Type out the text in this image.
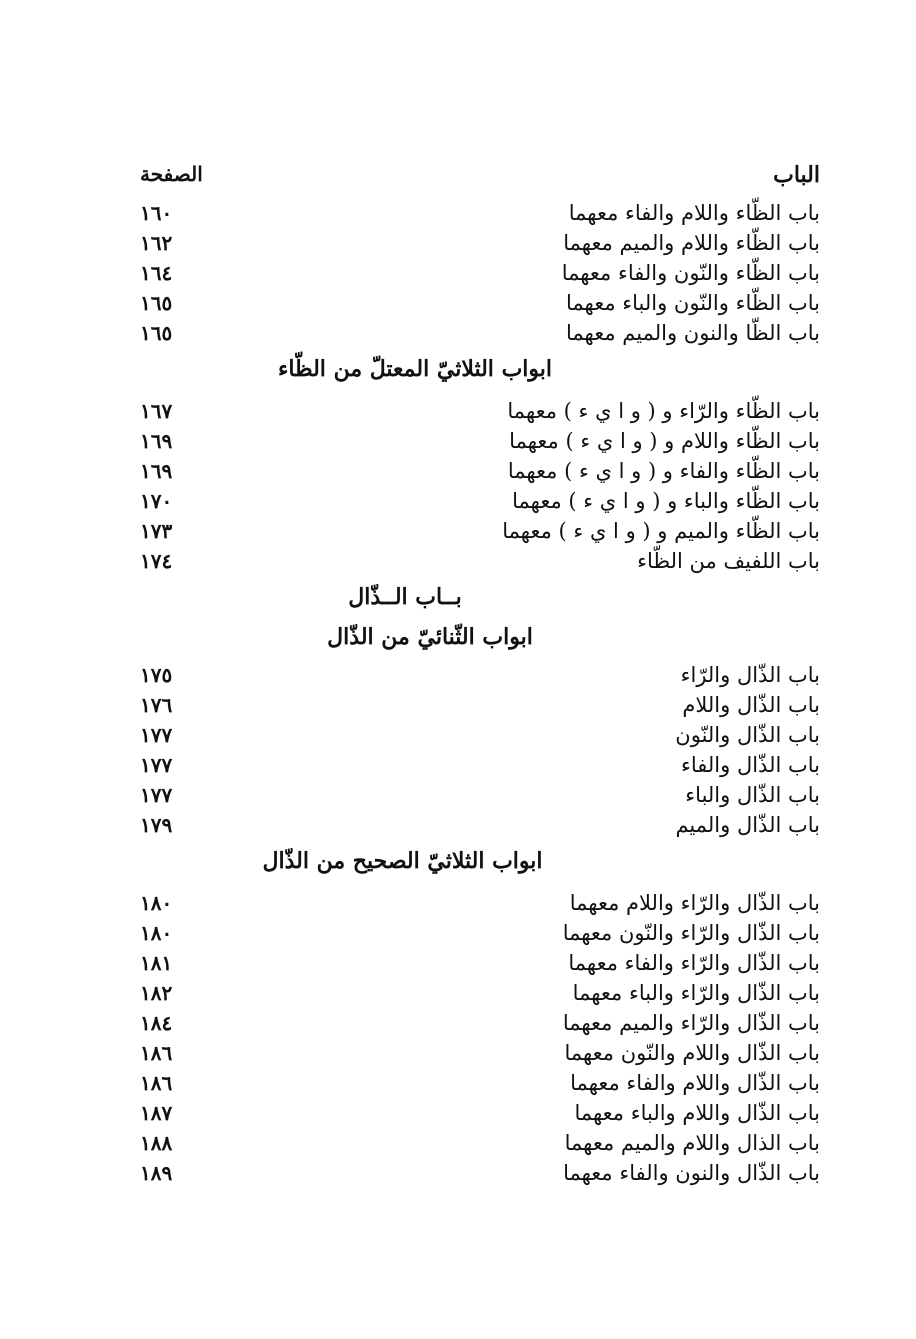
الباب
الصفحة
باب الظّاء واللام والفاء معهما
١٦٠
باب الظّاء واللام والميم معهما
١٦٢
باب الظّاء والنّون والفاء معهما
١٦٤
باب الظّاء والنّون والباء معهما
١٦٥
باب الظّا والنون والميم معهما
١٦٥
ابواب الثلاثيّ المعتلّ من الظّاء
باب الظّاء والرّاء و ( و ا ي ء ) معهما
١٦٧
باب الظّاء واللام و ( و ا ي ء ) معهما
١٦٩
باب الظّاء والفاء و ( و ا ي ء ) معهما
١٦٩
باب الظّاء والباء و ( و ا ي ء ) معهما
١٧٠
باب الظّاء والميم و ( و ا ي ء ) معهما
١٧٣
باب اللفيف من الظّاء
١٧٤
بــاب الــذّال
ابواب الثّنائيّ من الذّال
باب الذّال والرّاء
١٧٥
باب الذّال واللام
١٧٦
باب الذّال والنّون
١٧٧
باب الذّال والفاء
١٧٧
باب الذّال والباء
١٧٧
باب الذّال والميم
١٧٩
ابواب الثلاثيّ الصحيح من الذّال
باب الذّال والرّاء واللام معهما
١٨٠
باب الذّال والرّاء والنّون معهما
١٨٠
باب الذّال والرّاء والفاء معهما
١٨١
باب الذّال والرّاء والباء معهما
١٨٢
باب الذّال والرّاء والميم معهما
١٨٤
باب الذّال واللام والنّون معهما
١٨٦
باب الذّال واللام والفاء معهما
١٨٦
باب الذّال واللام والباء معهما
١٨٧
باب الذال واللام والميم معهما
١٨٨
باب الذّال والنون والفاء معهما
١٨٩
